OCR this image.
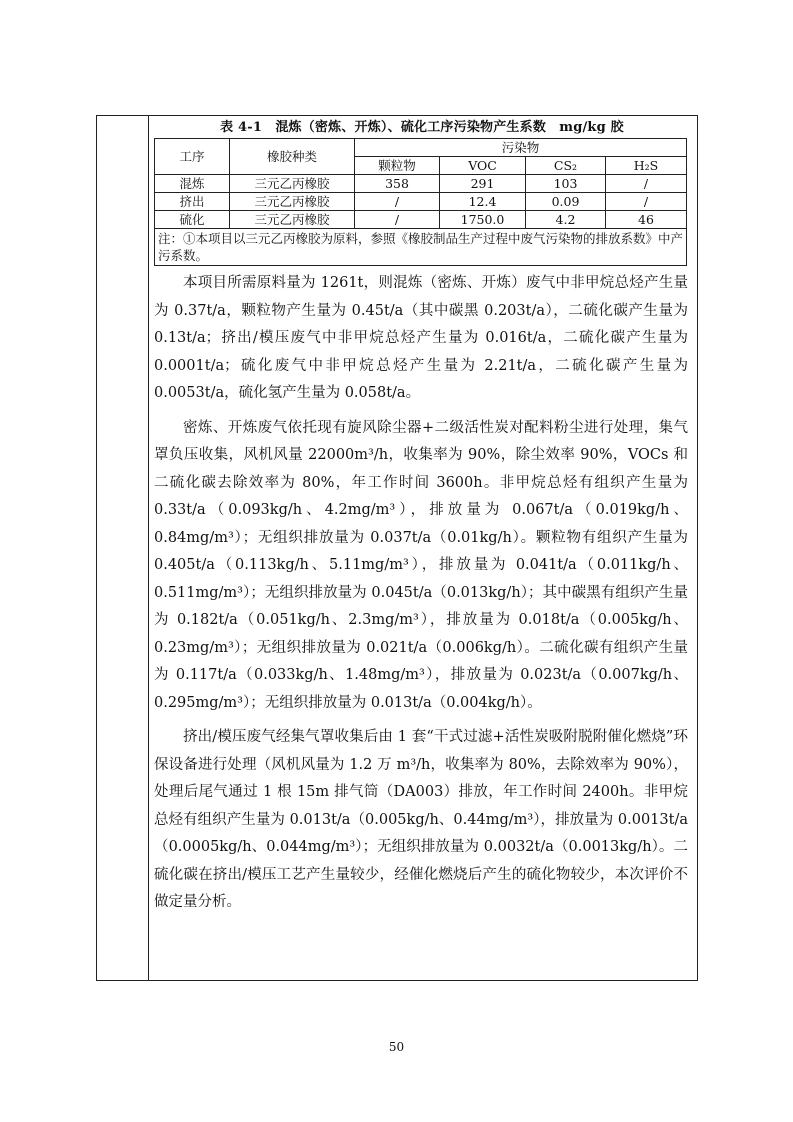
表 4-1　混炼（密炼、开炼）、硫化工序污染物产生系数　mg/kg 胶
工序	橡胶种类	污染物			
		颗粒物	VOC	CS₂	H₂S
混炼	三元乙丙橡胶	358	291	103	/
挤出	三元乙丙橡胶	/	12.4	0.09	/
硫化	三元乙丙橡胶	/	1750.0	4.2	46
注：①本项目以三元乙丙橡胶为原料，参照《橡胶制品生产过程中废气污染物的排放系数》中产污系数。					

本项目所需原料量为 1261t，则混炼（密炼、开炼）废气中非甲烷总烃产生量为 0.37t/a，颗粒物产生量为 0.45t/a（其中碳黑 0.203t/a），二硫化碳产生量为 0.13t/a；挤出/模压废气中非甲烷总烃产生量为 0.016t/a，二硫化碳产生量为 0.0001t/a；硫化废气中非甲烷总烃产生量为 2.21t/a，二硫化碳产生量为 0.0053t/a，硫化氢产生量为 0.058t/a。

密炼、开炼废气依托现有旋风除尘器+二级活性炭对配料粉尘进行处理，集气罩负压收集，风机风量 22000m³/h，收集率为 90%，除尘效率 90%，VOCs 和二硫化碳去除效率为 80%，年工作时间 3600h。非甲烷总烃有组织产生量为 0.33t/a（0.093kg/h、4.2mg/m³），排放量为 0.067t/a（0.019kg/h、0.84mg/m³）；无组织排放量为 0.037t/a（0.01kg/h）。颗粒物有组织产生量为 0.405t/a（0.113kg/h、5.11mg/m³），排放量为 0.041t/a（0.011kg/h、0.511mg/m³）；无组织排放量为 0.045t/a（0.013kg/h）；其中碳黑有组织产生量为 0.182t/a（0.051kg/h、2.3mg/m³），排放量为 0.018t/a（0.005kg/h、0.23mg/m³）；无组织排放量为 0.021t/a（0.006kg/h）。二硫化碳有组织产生量为 0.117t/a（0.033kg/h、1.48mg/m³），排放量为 0.023t/a（0.007kg/h、0.295mg/m³）；无组织排放量为 0.013t/a（0.004kg/h）。

挤出/模压废气经集气罩收集后由 1 套“干式过滤+活性炭吸附脱附催化燃烧”环保设备进行处理（风机风量为 1.2 万 m³/h，收集率为 80%，去除效率为 90%），处理后尾气通过 1 根 15m 排气筒（DA003）排放，年工作时间 2400h。非甲烷总烃有组织产生量为 0.013t/a（0.005kg/h、0.44mg/m³），排放量为 0.0013t/a（0.0005kg/h、0.044mg/m³）；无组织排放量为 0.0032t/a（0.0013kg/h）。二硫化碳在挤出/模压工艺产生量较少，经催化燃烧后产生的硫化物较少，本次评价不做定量分析。

50
